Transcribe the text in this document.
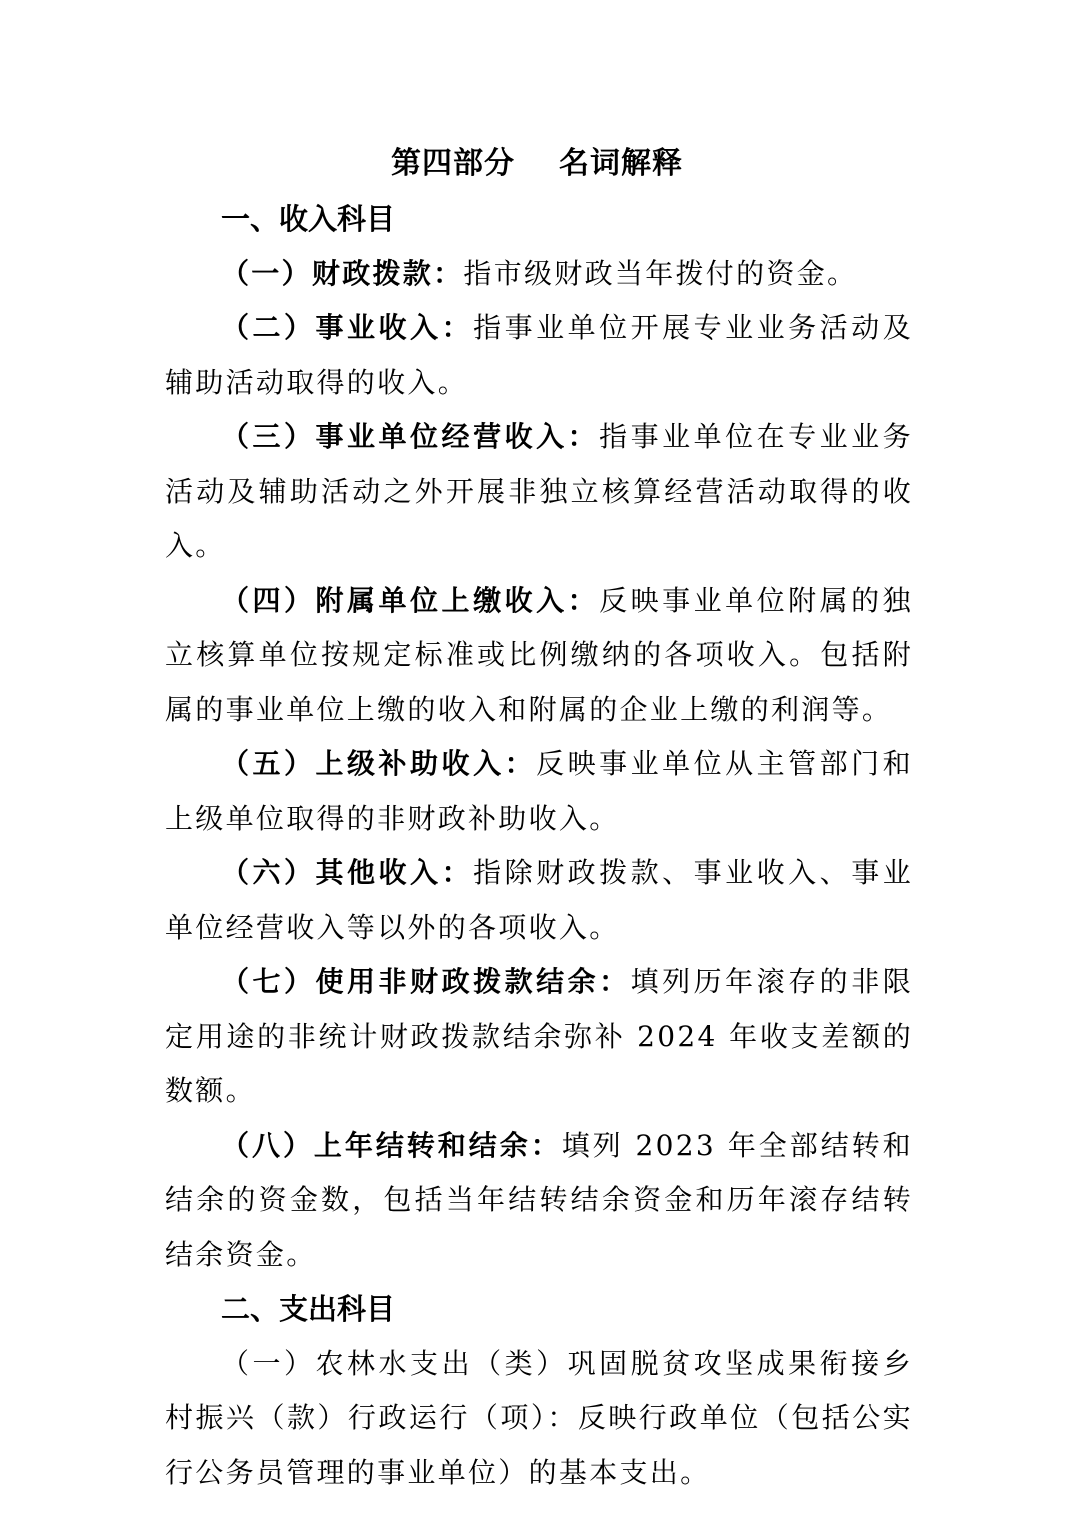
第四部分 名词解释

一、收入科目

（一）财政拨款：指市级财政当年拨付的资金。

（二）事业收入：指事业单位开展专业业务活动及辅助活动取得的收入。

（三）事业单位经营收入：指事业单位在专业业务活动及辅助活动之外开展非独立核算经营活动取得的收入。

（四）附属单位上缴收入：反映事业单位附属的独立核算单位按规定标准或比例缴纳的各项收入。包括附属的事业单位上缴的收入和附属的企业上缴的利润等。

（五）上级补助收入：反映事业单位从主管部门和上级单位取得的非财政补助收入。

（六）其他收入：指除财政拨款、事业收入、事业单位经营收入等以外的各项收入。

（七）使用非财政拨款结余：填列历年滚存的非限定用途的非统计财政拨款结余弥补 2024 年收支差额的数额。

（八）上年结转和结余：填列 2023 年全部结转和结余的资金数，包括当年结转结余资金和历年滚存结转结余资金。

二、支出科目

（一）农林水支出（类）巩固脱贫攻坚成果衔接乡村振兴（款）行政运行（项）：反映行政单位（包括公实行公务员管理的事业单位）的基本支出。
